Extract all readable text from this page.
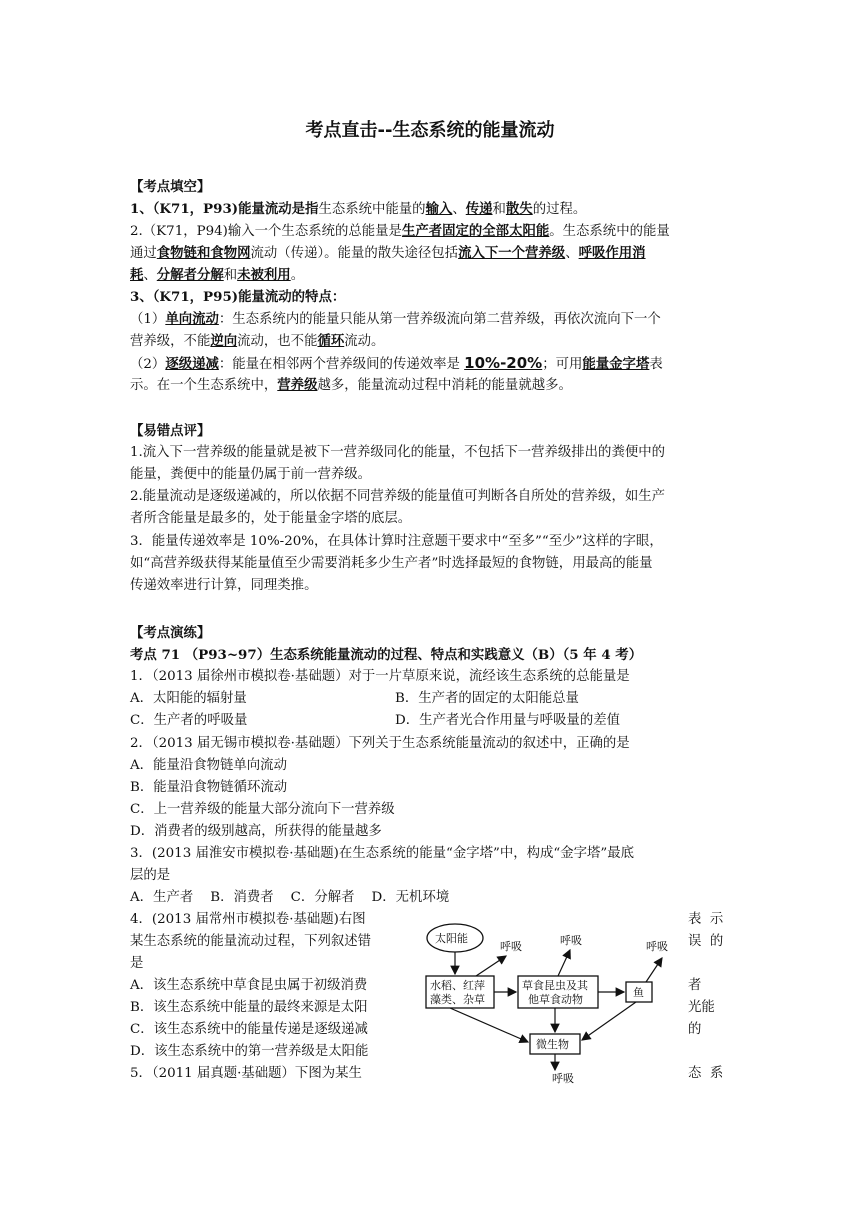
考点直击--生态系统的能量流动
【考点填空】
1、（K71，P93)能量流动是指生态系统中能量的输入、传递和散失的过程。
2.（K71，P94)输入一个生态系统的总能量是生产者固定的全部太阳能。生态系统中的能量
通过食物链和食物网流动（传递）。能量的散失途径包括流入下一个营养级、呼吸作用消
耗、分解者分解和未被利用。
3、（K71，P95)能量流动的特点：
（1）单向流动：生态系统内的能量只能从第一营养级流向第二营养级，再依次流向下一个
营养级，不能逆向流动，也不能循环流动。
（2）逐级递减：能量在相邻两个营养级间的传递效率是 10%-20%；可用能量金字塔表
示。在一个生态系统中，营养级越多，能量流动过程中消耗的能量就越多。
【易错点评】
1.流入下一营养级的能量就是被下一营养级同化的能量，不包括下一营养级排出的粪便中的
能量，粪便中的能量仍属于前一营养级。
2.能量流动是逐级递减的，所以依据不同营养级的能量值可判断各自所处的营养级，如生产
者所含能量是最多的，处于能量金字塔的底层。
3．能量传递效率是 10%-20%，在具体计算时注意题干要求中“至多”“至少”这样的字眼，
如“高营养级获得某能量值至少需要消耗多少生产者”时选择最短的食物链，用最高的能量
传递效率进行计算，同理类推。
【考点演练】
考点 71 （P93~97）生态系统能量流动的过程、特点和实践意义（B）（5 年 4 考）
1．（2013 届徐州市模拟卷·基础题）对于一片草原来说，流经该生态系统的总能量是
A．太阳能的辐射量	B．生产者的固定的太阳能总量
C．生产者的呼吸量	D．生产者光合作用量与呼吸量的差值
2．（2013 届无锡市模拟卷·基础题）下列关于生态系统能量流动的叙述中，正确的是
A．能量沿食物链单向流动
B．能量沿食物链循环流动
C．上一营养级的能量大部分流向下一营养级
D．消费者的级别越高，所获得的能量越多
3．(2013 届淮安市模拟卷·基础题)在生态系统的能量“金字塔”中，构成“金字塔”最底
层的是
A．生产者    B．消费者    C．分解者    D．无机环境
4．(2013 届常州市模拟卷·基础题)右图
某生态系统的能量流动过程，下列叙述错
是
A．该生态系统中草食昆虫属于初级消费
B．该生态系统中能量的最终来源是太阳
C．该生态系统中的能量传递是逐级递减
D．该生态系统中的第一营养级是太阳能
5．（2011 届真题·基础题）下图为某生
表  示
误  的
者
光能
的
态  系
太阳能
水稻、红萍
藻类、杂草
草食昆虫及其
他草食动物
鱼
微生物
呼吸	呼吸	呼吸
呼吸
